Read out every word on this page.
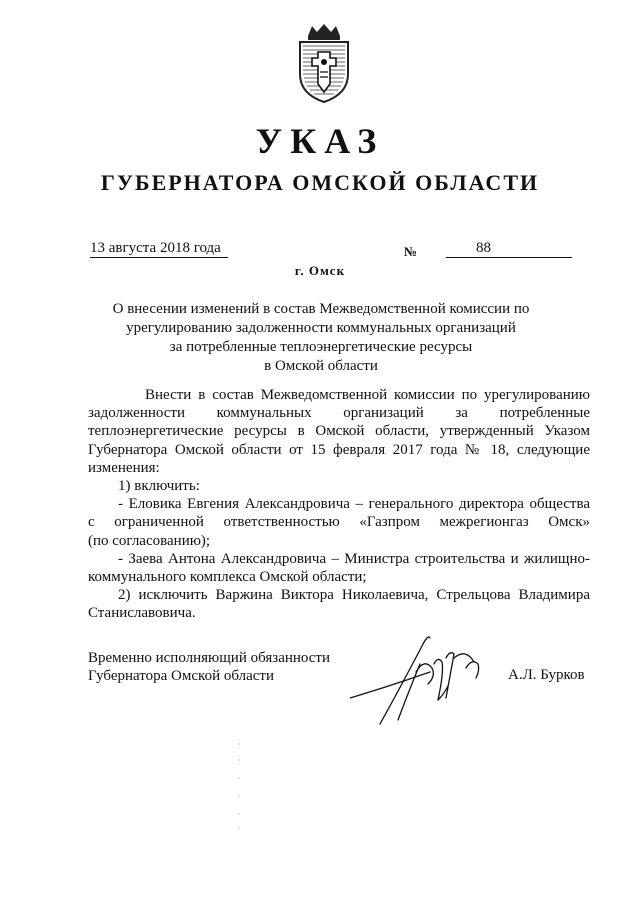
УКАЗ
ГУБЕРНАТОРА ОМСКОЙ ОБЛАСТИ
13 августа 2018 года	№	88
г. Омск
О внесении изменений в состав Межведомственной комиссии по
урегулированию задолженности коммунальных организаций
за потребленные теплоэнергетические ресурсы
в Омской области
Внести в состав Межведомственной комиссии по урегулированию
задолженности коммунальных организаций за потребленные
теплоэнергетические ресурсы в Омской области, утвержденный Указом
Губернатора Омской области от 15 февраля 2017 года № 18, следующие
изменения:
1) включить:
- Еловика Евгения Александровича – генерального директора общества
с ограниченной ответственностью «Газпром межрегионгаз Омск»
(по согласованию);
- Заева Антона Александровича – Министра строительства и жилищно-
коммунального комплекса Омской области;
2) исключить Варжина Виктора Николаевича, Стрельцова Владимира
Станиславовича.
Временно исполняющий обязанности
Губернатора Омской области	А.Л. Бурков
